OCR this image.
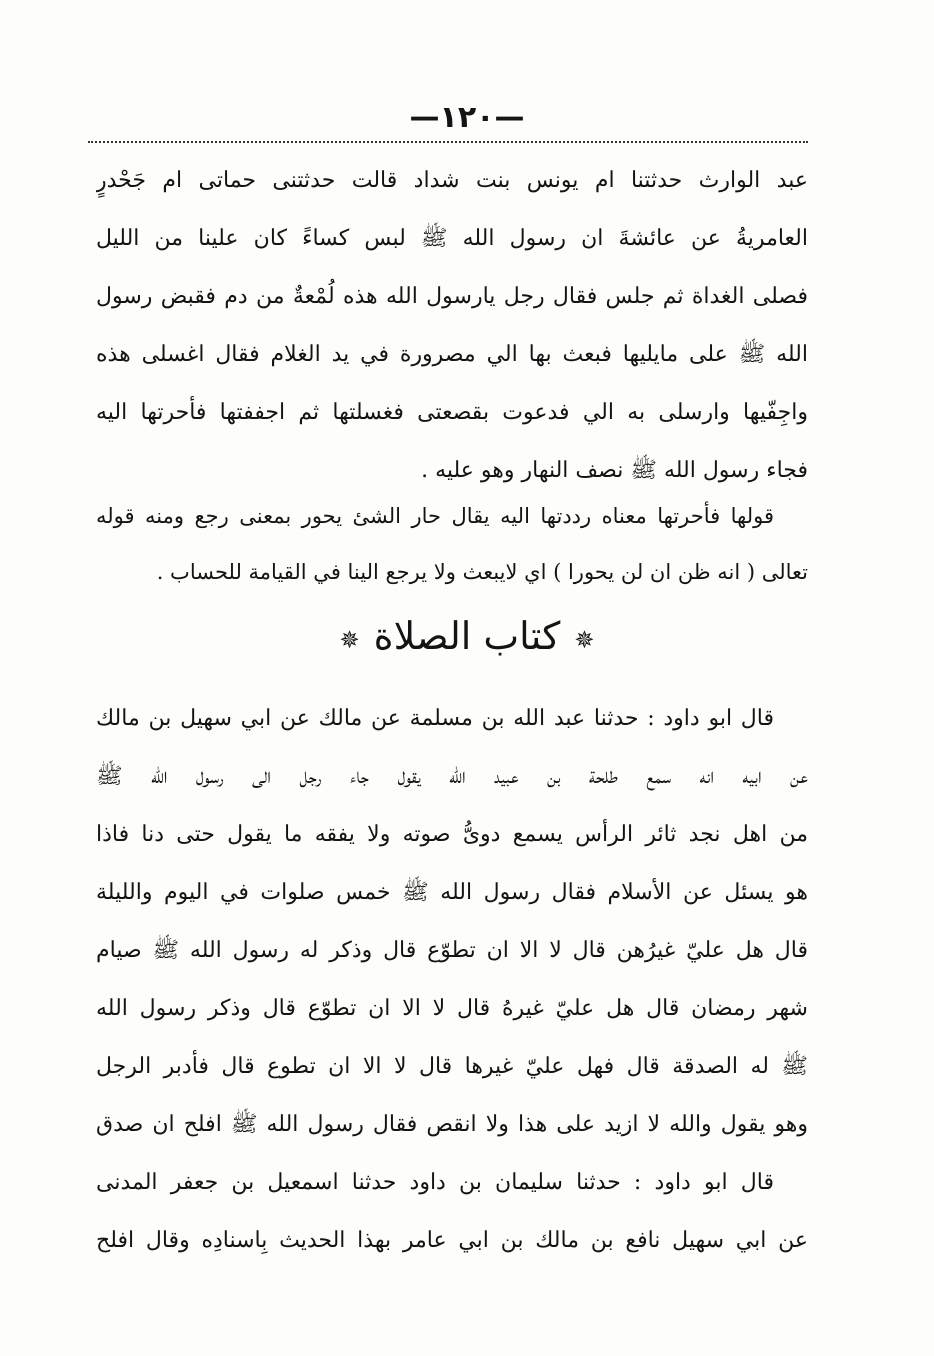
—١٢٠—
عبد الوارث حدثتنا ام يونس بنت شداد قالت حدثتنى حماتى ام جَحْدرٍ
العامريةُ عن عائشةَ ان رسول الله ﷺ لبس كساءً كان علينا من الليل
فصلى الغداة ثم جلس فقال رجل يارسول الله هذه لُمْعةٌ من دم فقبض رسول
الله ﷺ على مايليها فبعث بها الي مصرورة في يد الغلام فقال اغسلى هذه
واجِفّيها وارسلى به الي فدعوت بقصعتى فغسلتها ثم اجففتها فأحرتها اليه
فجاء رسول الله ﷺ نصف النهار وهو عليه .
قولها فأحرتها معناه رددتها اليه يقال حار الشئ يحور بمعنى رجع ومنه قوله
تعالى ( انه ظن ان لن يحورا ) اي لايبعث ولا يرجع الينا في القيامة للحساب .
✵كتاب الصلاة✵
قال ابو داود : حدثنا عبد الله بن مسلمة عن مالك عن ابي سهيل بن مالك
عن ابيه انه سمع طلحة بن عبيد الله يقول جاء رجل الى رسول الله ﷺ
من اهل نجد ثائر الرأس يسمع دوىُّ صوته ولا يفقه ما يقول حتى دنا فاذا
هو يسئل عن الأسلام فقال رسول الله ﷺ خمس صلوات في اليوم والليلة
قال هل عليّ غيرُهن قال لا الا ان تطوّع قال وذكر له رسول الله ﷺ صيام
شهر رمضان قال هل عليّ غيرهُ قال لا الا ان تطوّع قال وذكر رسول الله
ﷺ له الصدقة قال فهل عليّ غيرها قال لا الا ان تطوع قال فأدبر الرجل
وهو يقول والله لا ازيد على هذا ولا انقص فقال رسول الله ﷺ افلح ان صدق
قال ابو داود : حدثنا سليمان بن داود حدثنا اسمعيل بن جعفر المدنى
عن ابي سهيل نافع بن مالك بن ابي عامر بهذا الحديث بِاسنادِه وقال افلح
